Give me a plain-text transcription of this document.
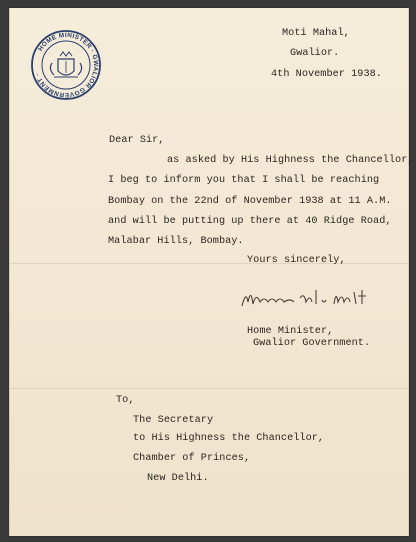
HOME MINISTER · GWALIOR GOVERNMENT ·
Moti Mahal,
Gwalior.
4th November 1938.
Dear Sir,
as asked by His Highness the Chancellor,
I beg to inform you that I shall be reaching
Bombay on the 22nd of November 1938 at 11 A.M.
and will be putting up there at 40 Ridge Road,
Malabar Hills, Bombay.
Yours sincerely,
Home Minister,
Gwalior Government.
To,
The Secretary
to His Highness the Chancellor,
Chamber of Princes,
New Delhi.
